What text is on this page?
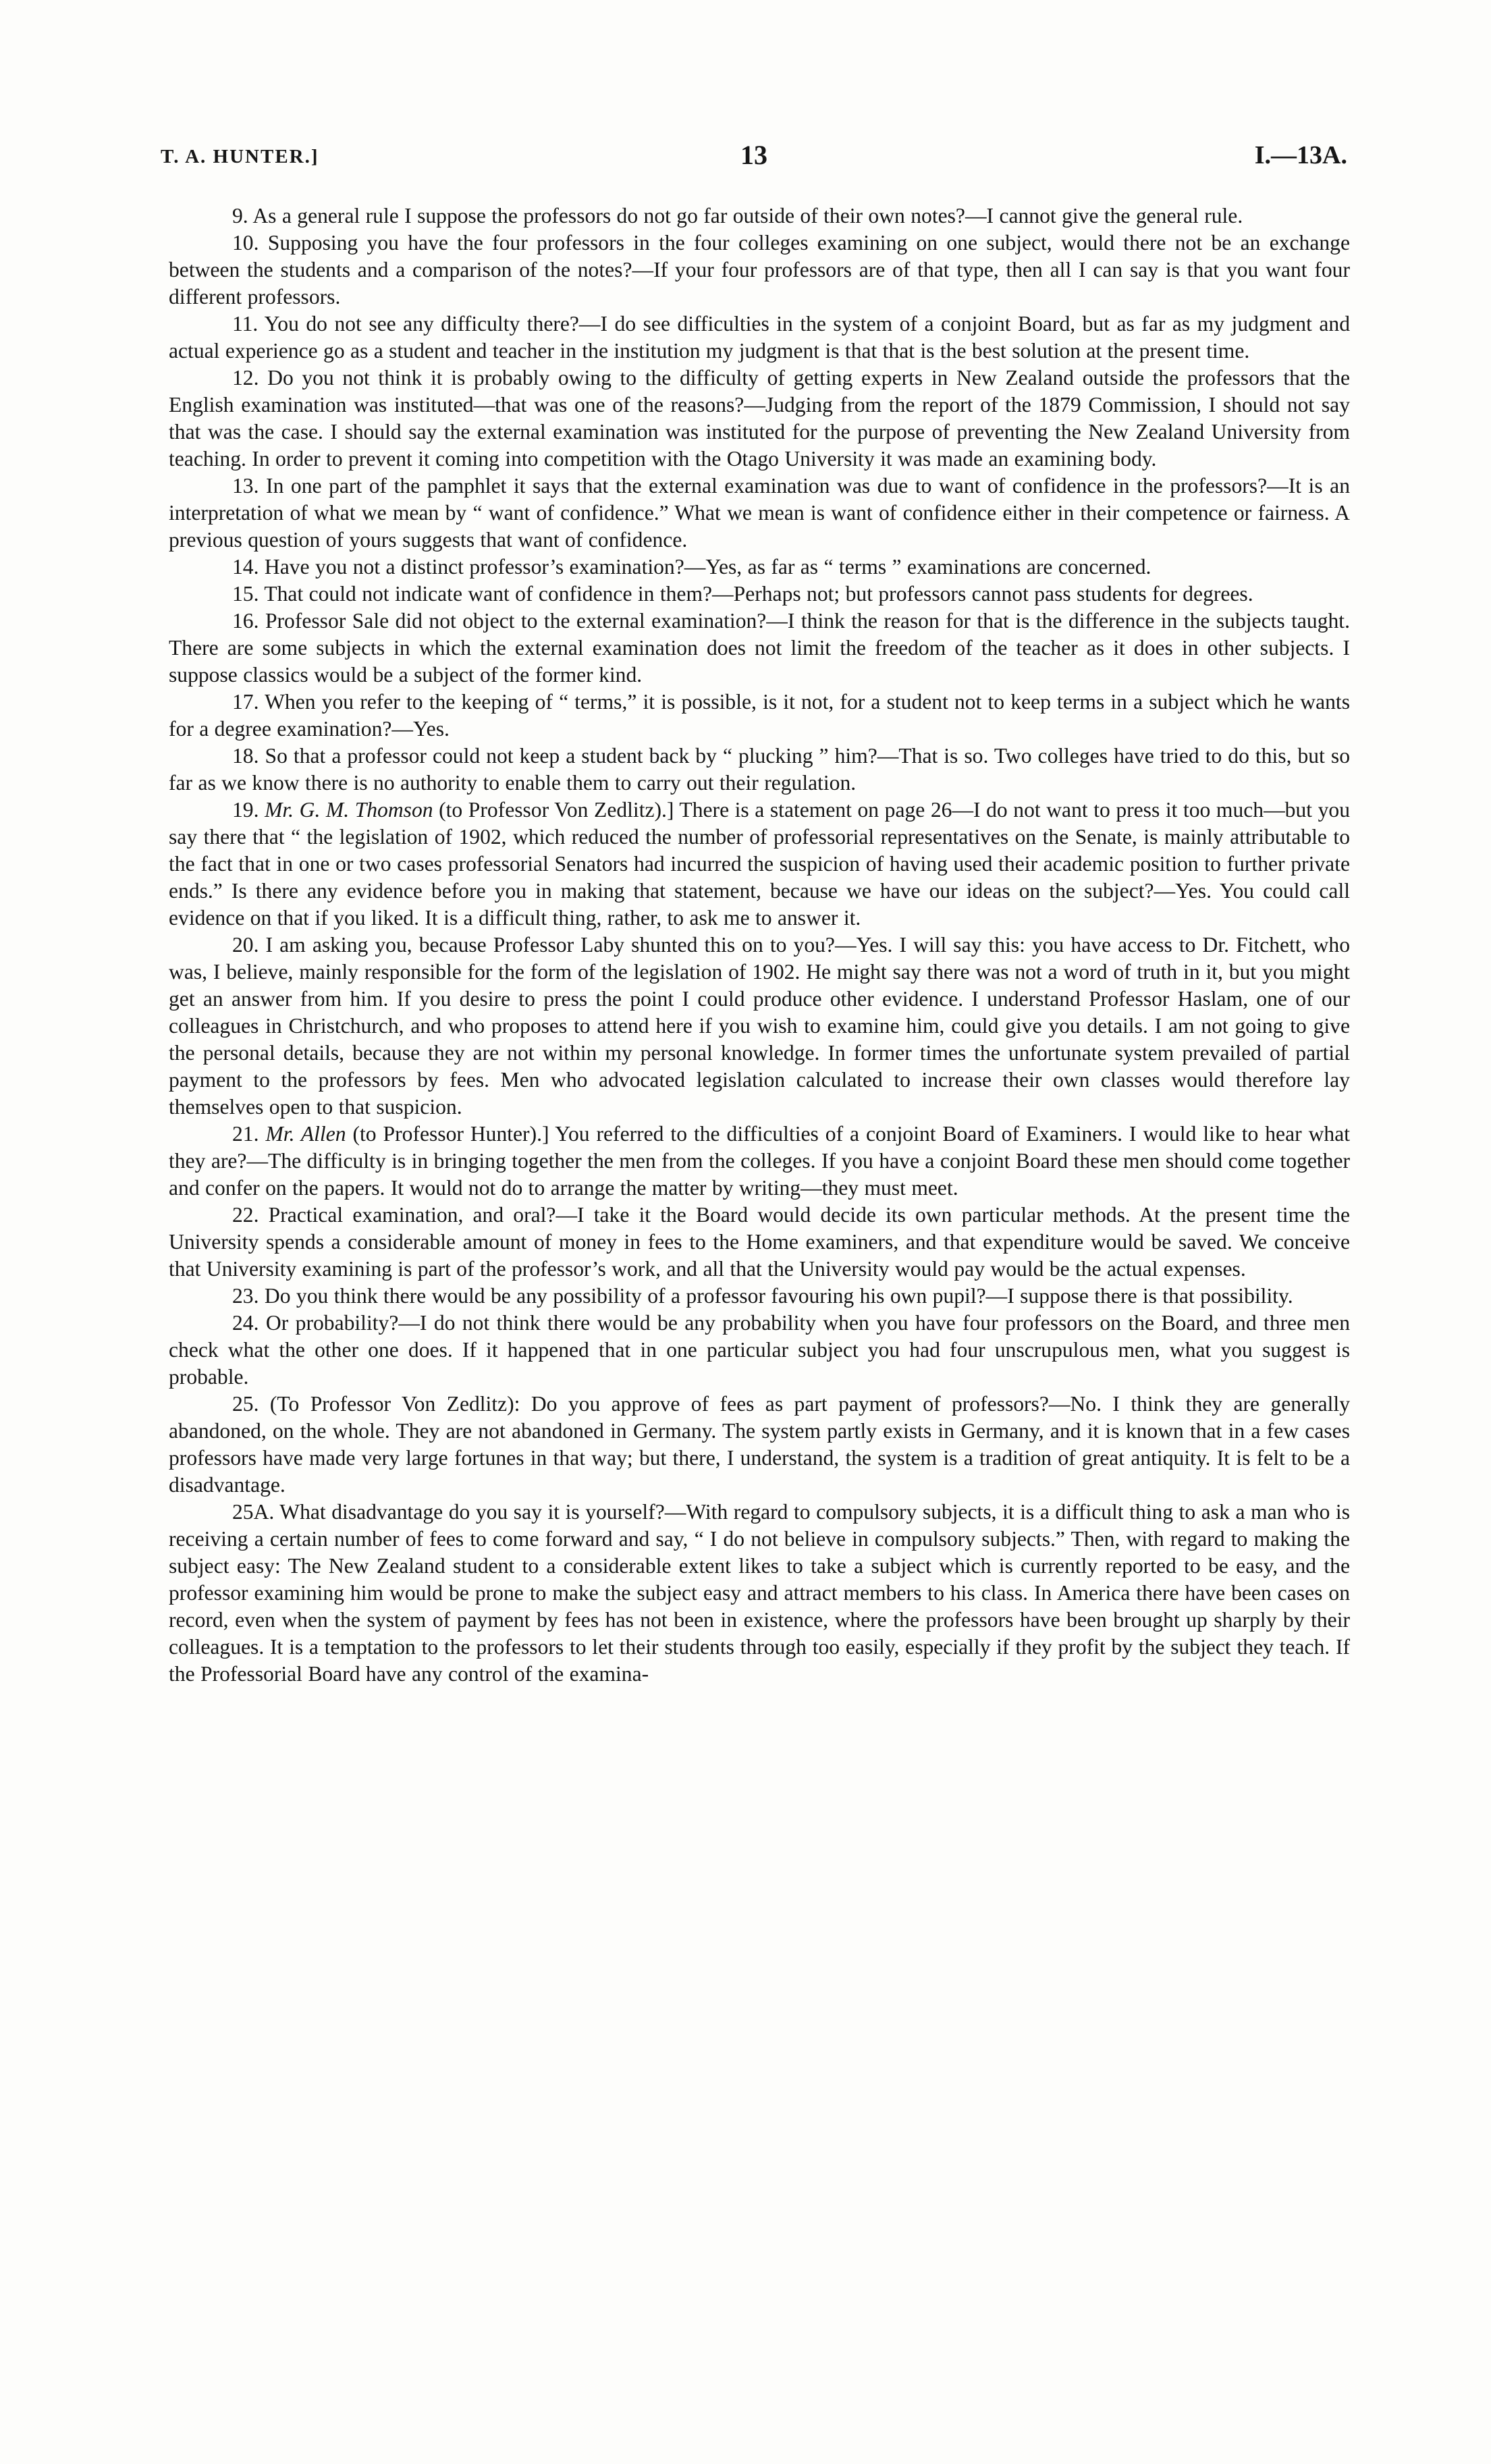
T. A. HUNTER.]	13	I.—13A.

9. As a general rule I suppose the professors do not go far outside of their own notes?—I cannot give the general rule.

10. Supposing you have the four professors in the four colleges examining on one subject, would there not be an exchange between the students and a comparison of the notes?—If your four professors are of that type, then all I can say is that you want four different professors.

11. You do not see any difficulty there?—I do see difficulties in the system of a conjoint Board, but as far as my judgment and actual experience go as a student and teacher in the institution my judgment is that that is the best solution at the present time.

12. Do you not think it is probably owing to the difficulty of getting experts in New Zealand outside the professors that the English examination was instituted—that was one of the reasons?—Judging from the report of the 1879 Commission, I should not say that was the case. I should say the external examination was instituted for the purpose of preventing the New Zealand University from teaching. In order to prevent it coming into competition with the Otago University it was made an examining body.

13. In one part of the pamphlet it says that the external examination was due to want of confidence in the professors?—It is an interpretation of what we mean by “ want of confidence.” What we mean is want of confidence either in their competence or fairness. A previous question of yours suggests that want of confidence.

14. Have you not a distinct professor’s examination?—Yes, as far as “ terms ” examinations are concerned.

15. That could not indicate want of confidence in them?—Perhaps not; but professors cannot pass students for degrees.

16. Professor Sale did not object to the external examination?—I think the reason for that is the difference in the subjects taught. There are some subjects in which the external examination does not limit the freedom of the teacher as it does in other subjects. I suppose classics would be a subject of the former kind.

17. When you refer to the keeping of “ terms,” it is possible, is it not, for a student not to keep terms in a subject which he wants for a degree examination?—Yes.

18. So that a professor could not keep a student back by “ plucking ” him?—That is so. Two colleges have tried to do this, but so far as we know there is no authority to enable them to carry out their regulation.

19. Mr. G. M. Thomson (to Professor Von Zedlitz).] There is a statement on page 26—I do not want to press it too much—but you say there that “ the legislation of 1902, which reduced the number of professorial representatives on the Senate, is mainly attributable to the fact that in one or two cases professorial Senators had incurred the suspicion of having used their academic position to further private ends.” Is there any evidence before you in making that statement, because we have our ideas on the subject?—Yes. You could call evidence on that if you liked. It is a difficult thing, rather, to ask me to answer it.

20. I am asking you, because Professor Laby shunted this on to you?—Yes. I will say this: you have access to Dr. Fitchett, who was, I believe, mainly responsible for the form of the legislation of 1902. He might say there was not a word of truth in it, but you might get an answer from him. If you desire to press the point I could produce other evidence. I understand Professor Haslam, one of our colleagues in Christchurch, and who proposes to attend here if you wish to examine him, could give you details. I am not going to give the personal details, because they are not within my personal knowledge. In former times the unfortunate system prevailed of partial payment to the professors by fees. Men who advocated legislation calculated to increase their own classes would therefore lay themselves open to that suspicion.

21. Mr. Allen (to Professor Hunter).] You referred to the difficulties of a conjoint Board of Examiners. I would like to hear what they are?—The difficulty is in bringing together the men from the colleges. If you have a conjoint Board these men should come together and confer on the papers. It would not do to arrange the matter by writing—they must meet.

22. Practical examination, and oral?—I take it the Board would decide its own particular methods. At the present time the University spends a considerable amount of money in fees to the Home examiners, and that expenditure would be saved. We conceive that University examining is part of the professor’s work, and all that the University would pay would be the actual expenses.

23. Do you think there would be any possibility of a professor favouring his own pupil?—I suppose there is that possibility.

24. Or probability?—I do not think there would be any probability when you have four professors on the Board, and three men check what the other one does. If it happened that in one particular subject you had four unscrupulous men, what you suggest is probable.

25. (To Professor Von Zedlitz): Do you approve of fees as part payment of professors?—No. I think they are generally abandoned, on the whole. They are not abandoned in Germany. The system partly exists in Germany, and it is known that in a few cases professors have made very large fortunes in that way; but there, I understand, the system is a tradition of great antiquity. It is felt to be a disadvantage.

25A. What disadvantage do you say it is yourself?—With regard to compulsory subjects, it is a difficult thing to ask a man who is receiving a certain number of fees to come forward and say, “ I do not believe in compulsory subjects.” Then, with regard to making the subject easy: The New Zealand student to a considerable extent likes to take a subject which is currently reported to be easy, and the professor examining him would be prone to make the subject easy and attract members to his class. In America there have been cases on record, even when the system of payment by fees has not been in existence, where the professors have been brought up sharply by their colleagues. It is a temptation to the professors to let their students through too easily, especially if they profit by the subject they teach. If the Professorial Board have any control of the examina-
